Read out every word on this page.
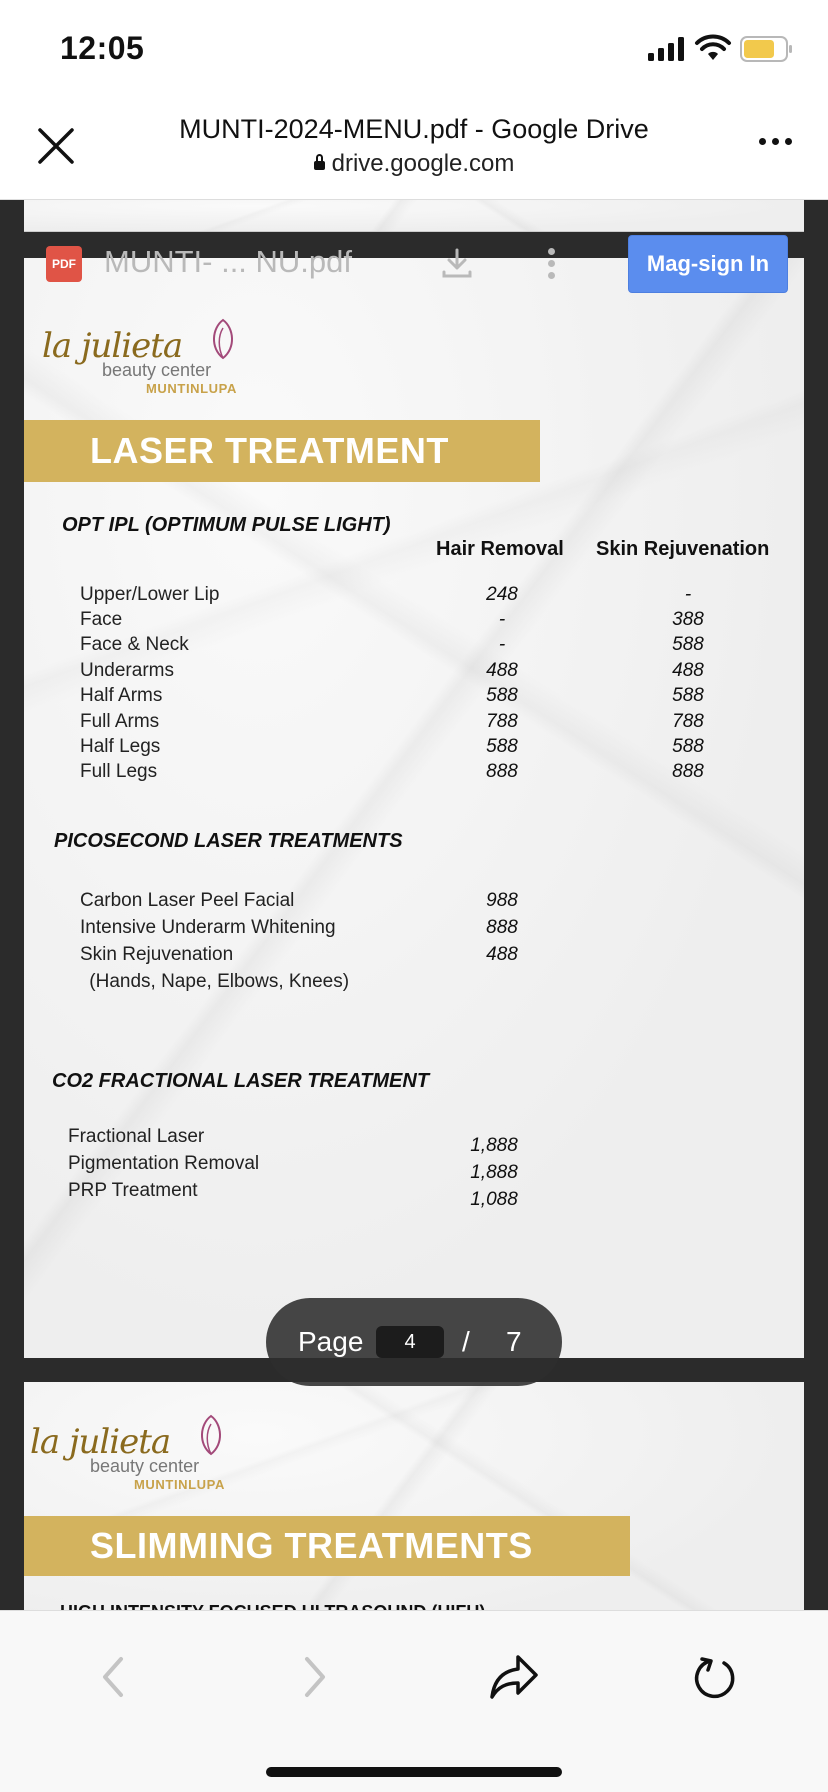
12:05
MUNTI-2024-MENU.pdf - Google Drive
drive.google.com
la julieta
beauty center
MUNTINLUPA
LASER TREATMENT
OPT IPL (OPTIMUM PULSE LIGHT)
Hair Removal Skin Rejuvenation
Upper/Lower Lip	248	-
Face	-	388
Face & Neck	-	588
Underarms	488	488
Half Arms	588	588
Full Arms	788	788
Half Legs	588	588
Full Legs	888	888
PICOSECOND LASER TREATMENTS
Carbon Laser Peel Facial	988
Intensive Underarm Whitening	888
Skin Rejuvenation	488
(Hands, Nape, Elbows, Knees)
CO2 FRACTIONAL LASER TREATMENT
Fractional Laser	1,888
Pigmentation Removal	1,888
PRP Treatment	1,088
la julieta
beauty center
MUNTINLUPA
SLIMMING TREATMENTS
PDF MUNTI- ... NU.pdf	Mag-sign In
Page	4	/ 7
